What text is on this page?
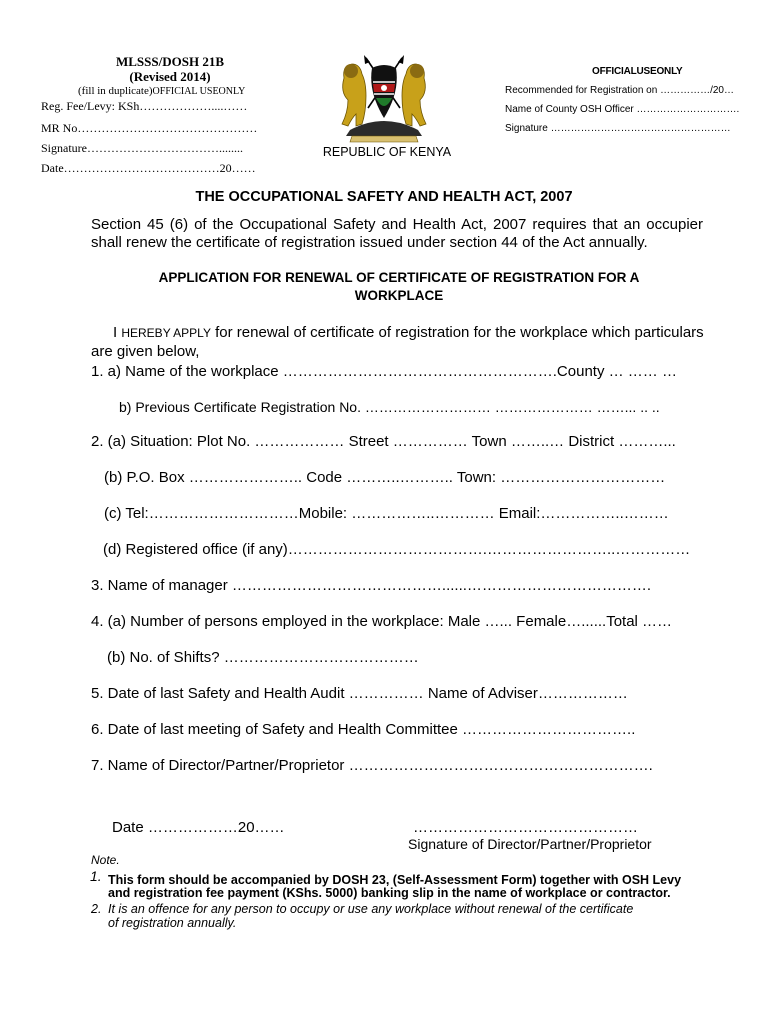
MLSSS/DOSH 21B
(Revised 2014)
(fill in duplicate)OFFICIAL USEONLY
Reg. Fee/Levy: KSh………………....……
MR No………………………………………
Signature……………………………........
Date…………………………………20……
REPUBLIC OF KENYA
OFFICIALUSEONLY
Recommended for Registration on ……………/20…
Name of County OSH Officer ………………………….
Signature ………………………………………………
THE OCCUPATIONAL SAFETY AND HEALTH ACT, 2007
Section 45 (6) of the Occupational Safety and Health Act, 2007 requires that an occupier shall renew the certificate of registration issued under section 44 of the Act annually.
APPLICATION FOR RENEWAL OF CERTIFICATE OF REGISTRATION FOR A
WORKPLACE
I HEREBY APPLY for renewal of certificate of registration for the workplace which particulars
are given below,
1. a) Name of the workplace ……………………………………………….County … …… …
b) Previous Certificate Registration No. ……………………… ………………… ……... .. ..
2. (a) Situation: Plot No. ……………… Street …………… Town ……..… District ………...
(b) P.O. Box ………………….. Code ………..……….. Town: ……………………………
(c) Tel:…………………………Mobile: ……………..………… Email:……………..………
(d) Registered office (if any)………………………………….……………………..……………
3. Name of manager ……………………………………......……………………………….
4. (a) Number of persons employed in the workplace: Male …... Female…......Total ……
(b) No. of Shifts? …………………………………
5. Date of last Safety and Health Audit …………… Name of Adviser………………
6. Date of last meeting of Safety and Health Committee ……………………………..
7. Name of Director/Partner/Proprietor …………………………………………………….
Date ………………20……	………………………………………
Signature of Director/Partner/Proprietor
Note.
1. This form should be accompanied by DOSH 23, (Self-Assessment Form) together with OSH Levy
and registration fee payment (KShs. 5000) banking slip in the name of workplace or contractor.
2. It is an offence for any person to occupy or use any workplace without renewal of the certificate
of registration annually.
